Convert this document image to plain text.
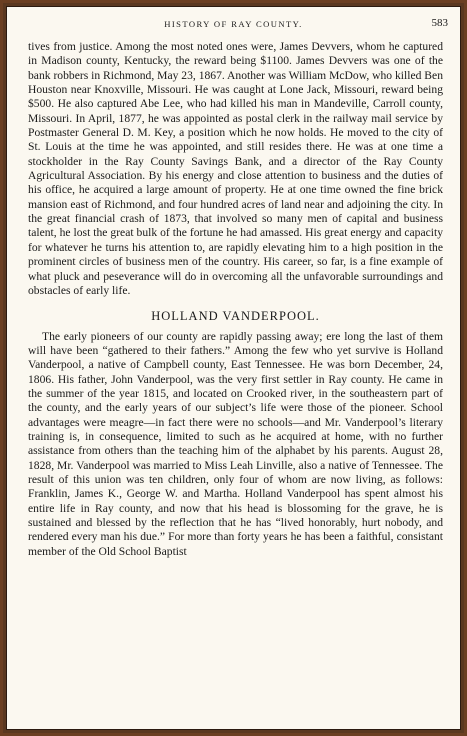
HISTORY OF RAY COUNTY.	583

tives from justice. Among the most noted ones were, James Devvers, whom he captured in Madison county, Kentucky, the reward being $1100. James Devvers was one of the bank robbers in Richmond, May 23, 1867. Another was William McDow, who killed Ben Houston near Knoxville, Missouri. He was caught at Lone Jack, Missouri, reward being $500. He also captured Abe Lee, who had killed his man in Mandeville, Carroll county, Missouri. In April, 1877, he was appointed as postal clerk in the railway mail service by Postmaster General D. M. Key, a position which he now holds. He moved to the city of St. Louis at the time he was appointed, and still resides there. He was at one time a stockholder in the Ray County Savings Bank, and a director of the Ray County Agricultural Association. By his energy and close attention to business and the duties of his office, he acquired a large amount of property. He at one time owned the fine brick mansion east of Richmond, and four hundred acres of land near and adjoining the city. In the great financial crash of 1873, that involved so many men of capital and business talent, he lost the great bulk of the fortune he had amassed. His great energy and capacity for whatever he turns his attention to, are rapidly elevating him to a high position in the prominent circles of business men of the country. His career, so far, is a fine example of what pluck and peseverance will do in overcoming all the unfavorable surroundings and obstacles of early life.

HOLLAND VANDERPOOL.

The early pioneers of our county are rapidly passing away; ere long the last of them will have been “gathered to their fathers.” Among the few who yet survive is Holland Vanderpool, a native of Campbell county, East Tennessee. He was born December, 24, 1806. His father, John Vanderpool, was the very first settler in Ray county. He came in the summer of the year 1815, and located on Crooked river, in the southeastern part of the county, and the early years of our subject’s life were those of the pioneer. School advantages were meagre—in fact there were no schools—and Mr. Vanderpool’s literary training is, in consequence, limited to such as he acquired at home, with no further assistance from others than the teaching him of the alphabet by his parents. August 28, 1828, Mr. Vanderpool was married to Miss Leah Linville, also a native of Tennessee. The result of this union was ten children, only four of whom are now living, as follows: Franklin, James K., George W. and Martha. Holland Vanderpool has spent almost his entire life in Ray county, and now that his head is blossoming for the grave, he is sustained and blessed by the reflection that he has “lived honorably, hurt nobody, and rendered every man his due.” For more than forty years he has been a faithful, consistant member of the Old School Baptist
